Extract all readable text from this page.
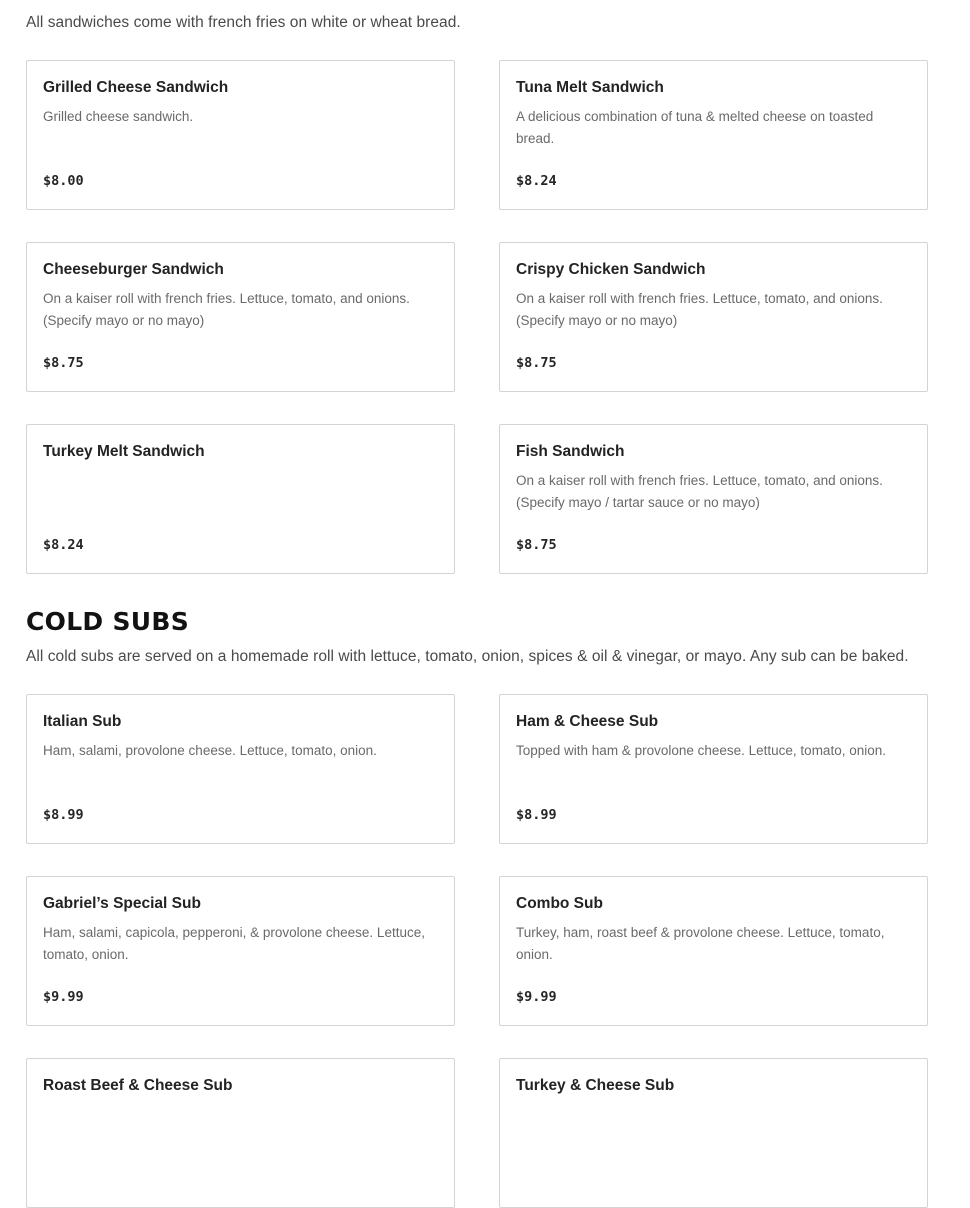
All sandwiches come with french fries on white or wheat bread.

Grilled Cheese Sandwich

Grilled cheese sandwich.

$8.00

Tuna Melt Sandwich

A delicious combination of tuna & melted cheese on toasted bread.

$8.24

Cheeseburger Sandwich

On a kaiser roll with french fries. Lettuce, tomato, and onions. (Specify mayo or no mayo)

$8.75

Crispy Chicken Sandwich

On a kaiser roll with french fries. Lettuce, tomato, and onions. (Specify mayo or no mayo)

$8.75

Turkey Melt Sandwich

$8.24

Fish Sandwich

On a kaiser roll with french fries. Lettuce, tomato, and onions. (Specify mayo / tartar sauce or no mayo)

$8.75

COLD SUBS

All cold subs are served on a homemade roll with lettuce, tomato, onion, spices & oil & vinegar, or mayo. Any sub can be baked.

Italian Sub

Ham, salami, provolone cheese. Lettuce, tomato, onion.

$8.99

Ham & Cheese Sub

Topped with ham & provolone cheese. Lettuce, tomato, onion.

$8.99

Gabriel’s Special Sub

Ham, salami, capicola, pepperoni, & provolone cheese. Lettuce, tomato, onion.

$9.99

Combo Sub

Turkey, ham, roast beef & provolone cheese. Lettuce, tomato, onion.

$9.99

Roast Beef & Cheese Sub	Turkey & Cheese Sub
